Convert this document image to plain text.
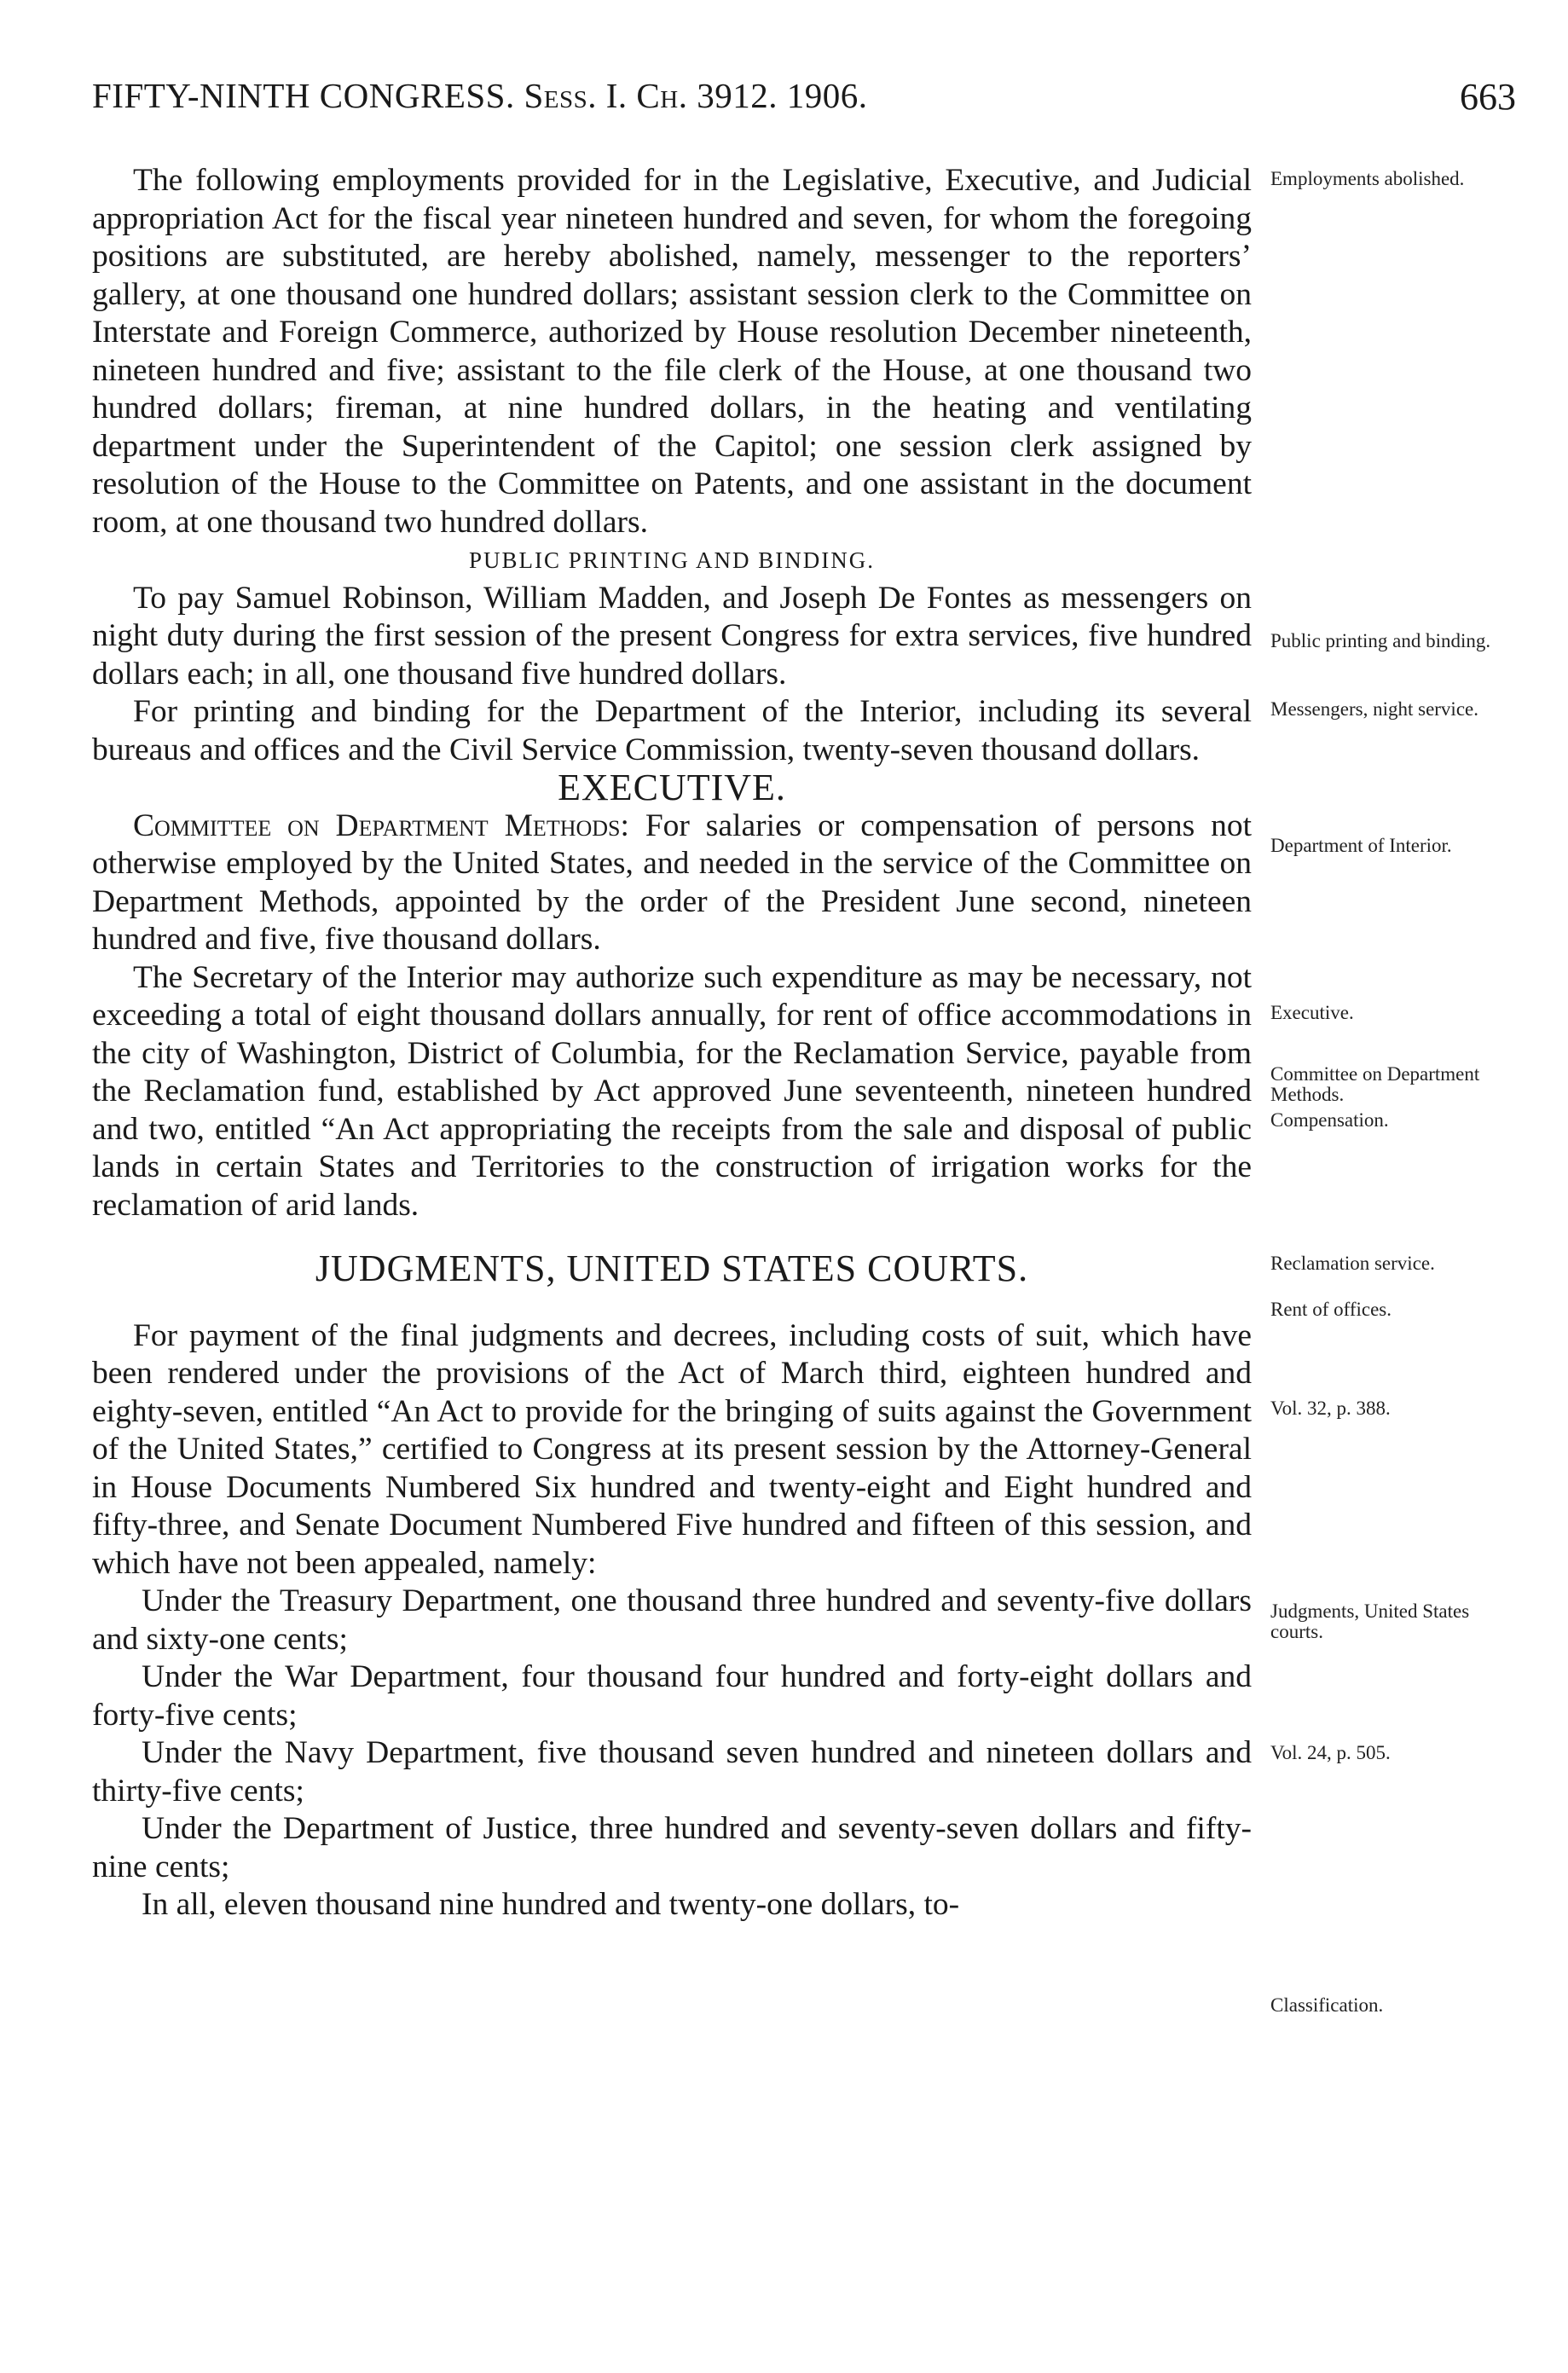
FIFTY-NINTH CONGRESS. Sess. I. Ch. 3912. 1906.	663

The following employments provided for in the Legislative, Executive, and Judicial appropriation Act for the fiscal year nineteen hundred and seven, for whom the foregoing positions are substituted, are hereby abolished, namely, messenger to the reporters’ gallery, at one thousand one hundred dollars; assistant session clerk to the Committee on Interstate and Foreign Commerce, authorized by House resolution December nineteenth, nineteen hundred and five; assistant to the file clerk of the House, at one thousand two hundred dollars; fireman, at nine hundred dollars, in the heating and ventilating department under the Superintendent of the Capitol; one session clerk assigned by resolution of the House to the Committee on Patents, and one assistant in the document room, at one thousand two hundred dollars.

PUBLIC PRINTING AND BINDING.

To pay Samuel Robinson, William Madden, and Joseph De Fontes as messengers on night duty during the first session of the present Congress for extra services, five hundred dollars each; in all, one thousand five hundred dollars.

For printing and binding for the Department of the Interior, including its several bureaus and offices and the Civil Service Commission, twenty-seven thousand dollars.

EXECUTIVE.

Committee on Department Methods: For salaries or compensation of persons not otherwise employed by the United States, and needed in the service of the Committee on Department Methods, appointed by the order of the President June second, nineteen hundred and five, five thousand dollars.

The Secretary of the Interior may authorize such expenditure as may be necessary, not exceeding a total of eight thousand dollars annually, for rent of office accommodations in the city of Washington, District of Columbia, for the Reclamation Service, payable from the Reclamation fund, established by Act approved June seventeenth, nineteen hundred and two, entitled “An Act appropriating the receipts from the sale and disposal of public lands in certain States and Territories to the construction of irrigation works for the reclamation of arid lands.

JUDGMENTS, UNITED STATES COURTS.

For payment of the final judgments and decrees, including costs of suit, which have been rendered under the provisions of the Act of March third, eighteen hundred and eighty-seven, entitled “An Act to provide for the bringing of suits against the Government of the United States,” certified to Congress at its present session by the Attorney-General in House Documents Numbered Six hundred and twenty-eight and Eight hundred and fifty-three, and Senate Document Numbered Five hundred and fifteen of this session, and which have not been appealed, namely:

Under the Treasury Department, one thousand three hundred and seventy-five dollars and sixty-one cents;

Under the War Department, four thousand four hundred and forty-eight dollars and forty-five cents;

Under the Navy Department, five thousand seven hundred and nineteen dollars and thirty-five cents;

Under the Department of Justice, three hundred and seventy-seven dollars and fifty-nine cents;

In all, eleven thousand nine hundred and twenty-one dollars, to-

Employments abolished.
Public printing and binding.
Messengers, night service.
Department of Interior.
Executive.
Committee on Department Methods.
Compensation.
Reclamation service.
Rent of offices.
Vol. 32, p. 388.
Judgments, United States courts.
Vol. 24, p. 505.
Classification.
